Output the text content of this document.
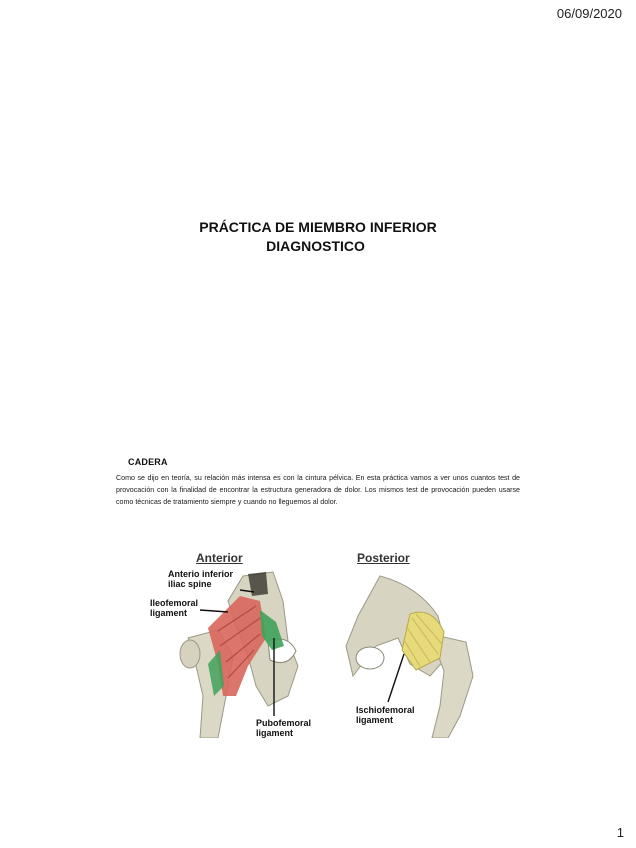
06/09/2020
PRÁCTICA DE MIEMBRO INFERIOR
DIAGNOSTICO
CADERA
Como se dijo en teoría, su relación más intensa es con la cintura pélvica. En esta práctica vamos a ver unos cuantos test de provocación con la finalidad de encontrar la estructura generadora de dolor. Los mismos test de provocación pueden usarse como técnicas de tratamiento siempre y cuando no lleguemos al dolor.
Anterior	Posterior
Anterio inferior
iliac spine
Ileofemoral
ligament
Pubofemoral
ligament
Ischiofemoral
ligament
1
